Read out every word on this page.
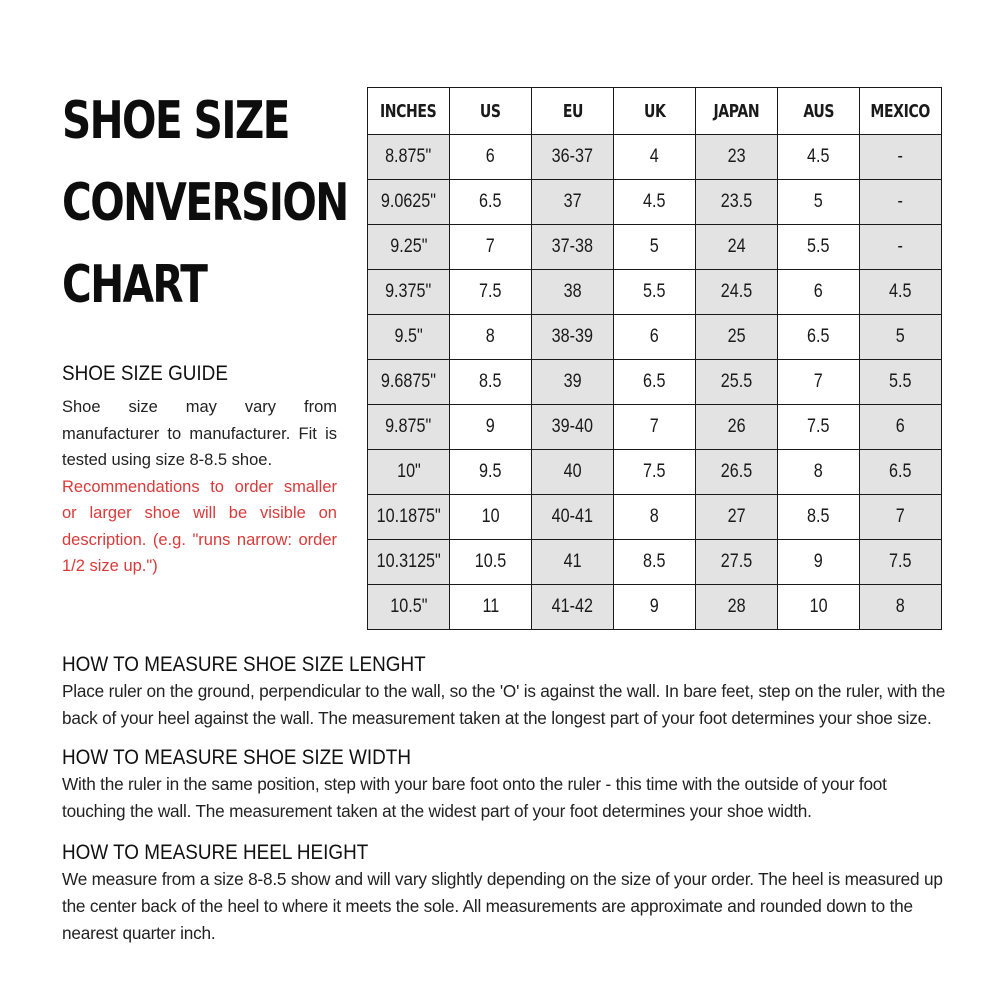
SHOE SIZE
CONVERSION
CHART
SHOE SIZE GUIDE

Shoe size may vary from manufacturer to manufacturer. Fit is tested using size 8-8.5 shoe.

Recommendations to order smaller or larger shoe will be visible on description. (e.g. "runs narrow: order 1/2 size up.")

INCHES	US	EU	UK	JAPAN	AUS	MEXICO
8.875"	6	36-37	4	23	4.5	-
9.0625"	6.5	37	4.5	23.5	5	-
9.25"	7	37-38	5	24	5.5	-
9.375"	7.5	38	5.5	24.5	6	4.5
9.5"	8	38-39	6	25	6.5	5
9.6875"	8.5	39	6.5	25.5	7	5.5
9.875"	9	39-40	7	26	7.5	6
10"	9.5	40	7.5	26.5	8	6.5
10.1875"	10	40-41	8	27	8.5	7
10.3125"	10.5	41	8.5	27.5	9	7.5
10.5"	11	41-42	9	28	10	8
HOW TO MEASURE SHOE SIZE LENGHT

Place ruler on the ground, perpendicular to the wall, so the 'O' is against the wall. In bare feet, step on the ruler, with the back of your heel against the wall. The measurement taken at the longest part of your foot determines your shoe size.

HOW TO MEASURE SHOE SIZE WIDTH

With the ruler in the same position, step with your bare foot onto the ruler - this time with the outside of your foot touching the wall. The measurement taken at the widest part of your foot determines your shoe width.

HOW TO MEASURE HEEL HEIGHT

We measure from a size 8-8.5 show and will vary slightly depending on the size of your order. The heel is measured up the center back of the heel to where it meets the sole. All measurements are approximate and rounded down to the nearest quarter inch.
